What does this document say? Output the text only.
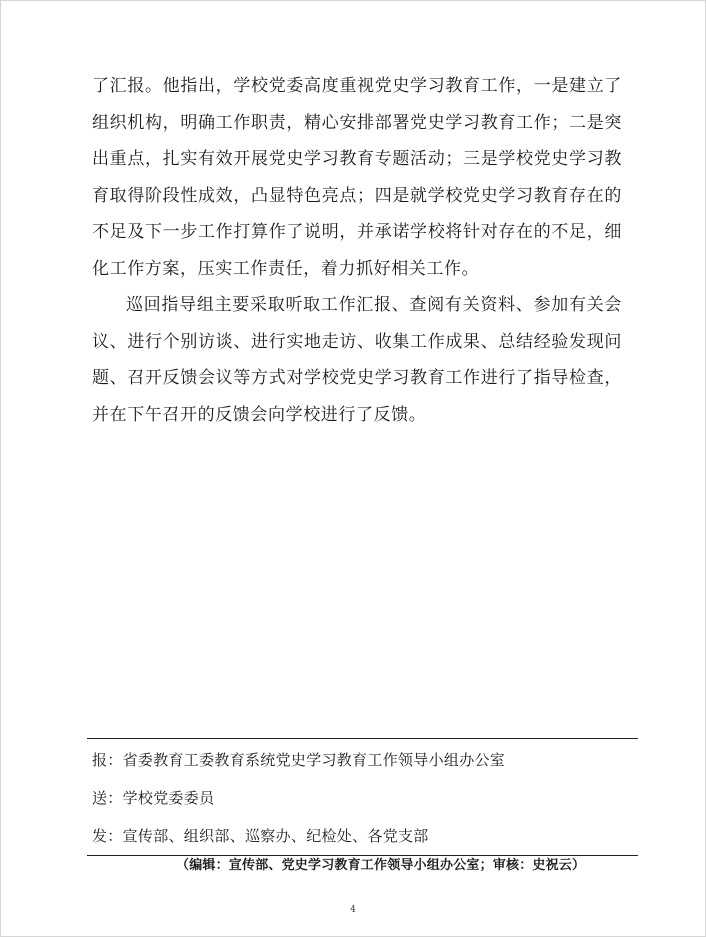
了汇报。他指出，学校党委高度重视党史学习教育工作，一是建立了组织机构，明确工作职责，精心安排部署党史学习教育工作；二是突出重点，扎实有效开展党史学习教育专题活动；三是学校党史学习教育取得阶段性成效，凸显特色亮点；四是就学校党史学习教育存在的不足及下一步工作打算作了说明，并承诺学校将针对存在的不足，细化工作方案，压实工作责任，着力抓好相关工作。

巡回指导组主要采取听取工作汇报、查阅有关资料、参加有关会议、进行个别访谈、进行实地走访、收集工作成果、总结经验发现问题、召开反馈会议等方式对学校党史学习教育工作进行了指导检查，并在下午召开的反馈会向学校进行了反馈。

报：省委教育工委教育系统党史学习教育工作领导小组办公室
送：学校党委委员
发：宣传部、组织部、巡察办、纪检处、各党支部
（编辑：宣传部、党史学习教育工作领导小组办公室；审核：史祝云）
4
